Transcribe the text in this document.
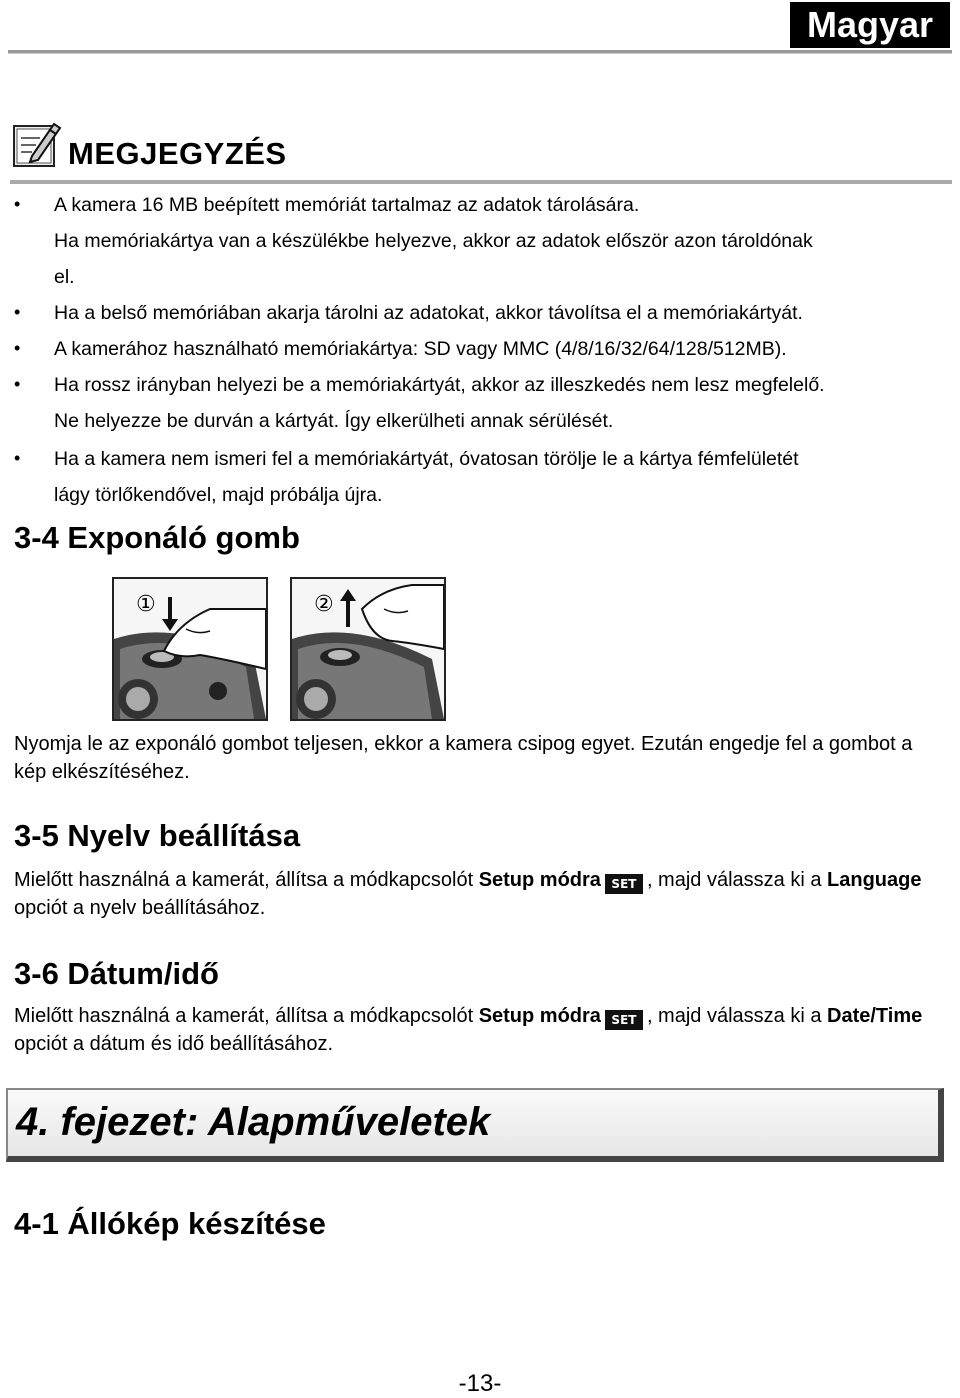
Magyar
MEGJEGYZÉS
• A kamera 16 MB beépített memóriát tartalmaz az adatok tárolására.
Ha memóriakártya van a készülékbe helyezve, akkor az adatok először azon tároldónak
el.
• Ha a belső memóriában akarja tárolni az adatokat, akkor távolítsa el a memóriakártyát.
• A kamerához használható memóriakártya: SD vagy MMC (4/8/16/32/64/128/512MB).
• Ha rossz irányban helyezi be a memóriakártyát, akkor az illeszkedés nem lesz megfelelő.
Ne helyezze be durván a kártyát. Így elkerülheti annak sérülését.
• Ha a kamera nem ismeri fel a memóriakártyát, óvatosan törölje le a kártya fémfelületét
lágy törlőkendővel, majd próbálja újra.
3-4 Exponáló gomb
①	②
Nyomja le az exponáló gombot teljesen, ekkor a kamera csipog egyet. Ezután engedje fel a gombot a kép elkészítéséhez.
3-5 Nyelv beállítása
Mielőtt használná a kamerát, állítsa a módkapcsolót Setup módra SET , majd válassza ki a Language opciót a nyelv beállításához.
3-6 Dátum/idő
Mielőtt használná a kamerát, állítsa a módkapcsolót Setup módra SET , majd válassza ki a Date/Time opciót a dátum és idő beállításához.
4. fejezet: Alapműveletek
4-1 Állókép készítése
-13-
